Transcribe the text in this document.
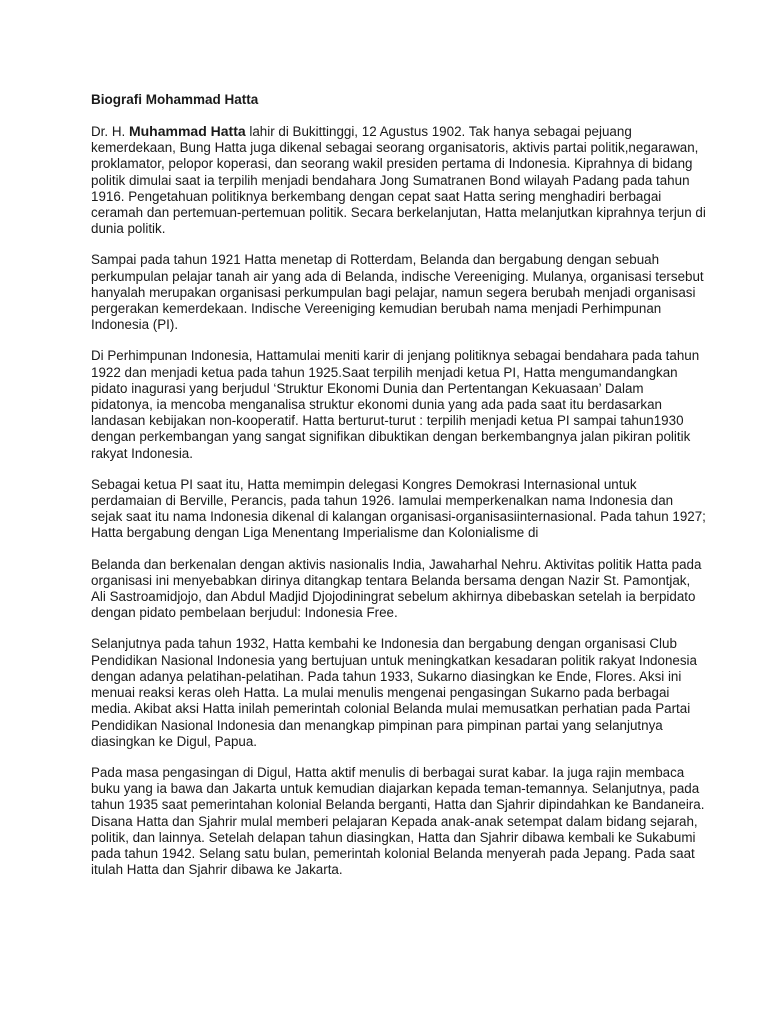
Biografi Mohammad Hatta

Dr. H. Muhammad Hatta lahir di Bukittinggi, 12 Agustus 1902. Tak hanya sebagai pejuang kemerdekaan, Bung Hatta juga dikenal sebagai seorang organisatoris, aktivis partai politik,negarawan, proklamator, pelopor koperasi, dan seorang wakil presiden pertama di Indonesia. Kiprahnya di bidang politik dimulai saat ia terpilih menjadi bendahara Jong Sumatranen Bond wilayah Padang pada tahun 1916. Pengetahuan politiknya berkembang dengan cepat saat Hatta sering menghadiri berbagai ceramah dan pertemuan-pertemuan politik. Secara berkelanjutan, Hatta melanjutkan kiprahnya terjun di dunia politik.

Sampai pada tahun 1921 Hatta menetap di Rotterdam, Belanda dan bergabung dengan sebuah perkumpulan pelajar tanah air yang ada di Belanda, indische Vereeniging. Mulanya, organisasi tersebut hanyalah merupakan organisasi perkumpulan bagi pelajar, namun segera berubah menjadi organisasi pergerakan kemerdekaan. Indische Vereeniging kemudian berubah nama menjadi Perhimpunan Indonesia (PI).

Di Perhimpunan Indonesia, Hattamulai meniti karir di jenjang politiknya sebagai bendahara pada tahun 1922 dan menjadi ketua pada tahun 1925.Saat terpilih menjadi ketua PI, Hatta mengumandangkan pidato inagurasi yang berjudul ‘Struktur Ekonomi Dunia dan Pertentangan Kekuasaan’ Dalam pidatonya, ia mencoba menganalisa struktur ekonomi dunia yang ada pada saat itu berdasarkan landasan kebijakan non-kooperatif. Hatta berturut-turut : terpilih menjadi ketua PI sampai tahun1930 dengan perkembangan yang sangat signifikan dibuktikan dengan berkembangnya jalan pikiran politik rakyat Indonesia.

Sebagai ketua PI saat itu, Hatta memimpin delegasi Kongres Demokrasi Internasional untuk perdamaian di Berville, Perancis, pada tahun 1926. Iamulai memperkenalkan nama Indonesia dan sejak saat itu nama Indonesia dikenal di kalangan organisasi-organisasiinternasional. Pada tahun 1927; Hatta bergabung dengan Liga Menentang Imperialisme dan Kolonialisme di

Belanda dan berkenalan dengan aktivis nasionalis India, Jawaharhal Nehru. Aktivitas politik Hatta pada organisasi ini menyebabkan dirinya ditangkap tentara Belanda bersama dengan Nazir St. Pamontjak, Ali Sastroamidjojo, dan Abdul Madjid Djojodiningrat sebelum akhirnya dibebaskan setelah ia berpidato dengan pidato pembelaan berjudul: Indonesia Free.

Selanjutnya pada tahun 1932, Hatta kembahi ke Indonesia dan bergabung dengan organisasi Club Pendidikan Nasional Indonesia yang bertujuan untuk meningkatkan kesadaran politik rakyat Indonesia dengan adanya pelatihan-pelatihan. Pada tahun 1933, Sukarno diasingkan ke Ende, Flores. Aksi ini menuai reaksi keras oleh Hatta. La mulai menulis mengenai pengasingan Sukarno pada berbagai media. Akibat aksi Hatta inilah pemerintah colonial Belanda mulai memusatkan perhatian pada Partai Pendidikan Nasional Indonesia dan menangkap pimpinan para pimpinan partai yang selanjutnya diasingkan ke Digul, Papua.

Pada masa pengasingan di Digul, Hatta aktif menulis di berbagai surat kabar. Ia juga rajin membaca buku yang ia bawa dan Jakarta untuk kemudian diajarkan kepada teman-temannya. Selanjutnya, pada tahun 1935 saat pemerintahan kolonial Belanda berganti, Hatta dan Sjahrir dipindahkan ke Bandaneira. Disana Hatta dan Sjahrir mulal memberi pelajaran Kepada anak-anak setempat dalam bidang sejarah, politik, dan lainnya. Setelah delapan tahun diasingkan, Hatta dan Sjahrir dibawa kembali ke Sukabumi pada tahun 1942. Selang satu bulan, pemerintah kolonial Belanda menyerah pada Jepang. Pada saat itulah Hatta dan Sjahrir dibawa ke Jakarta.
